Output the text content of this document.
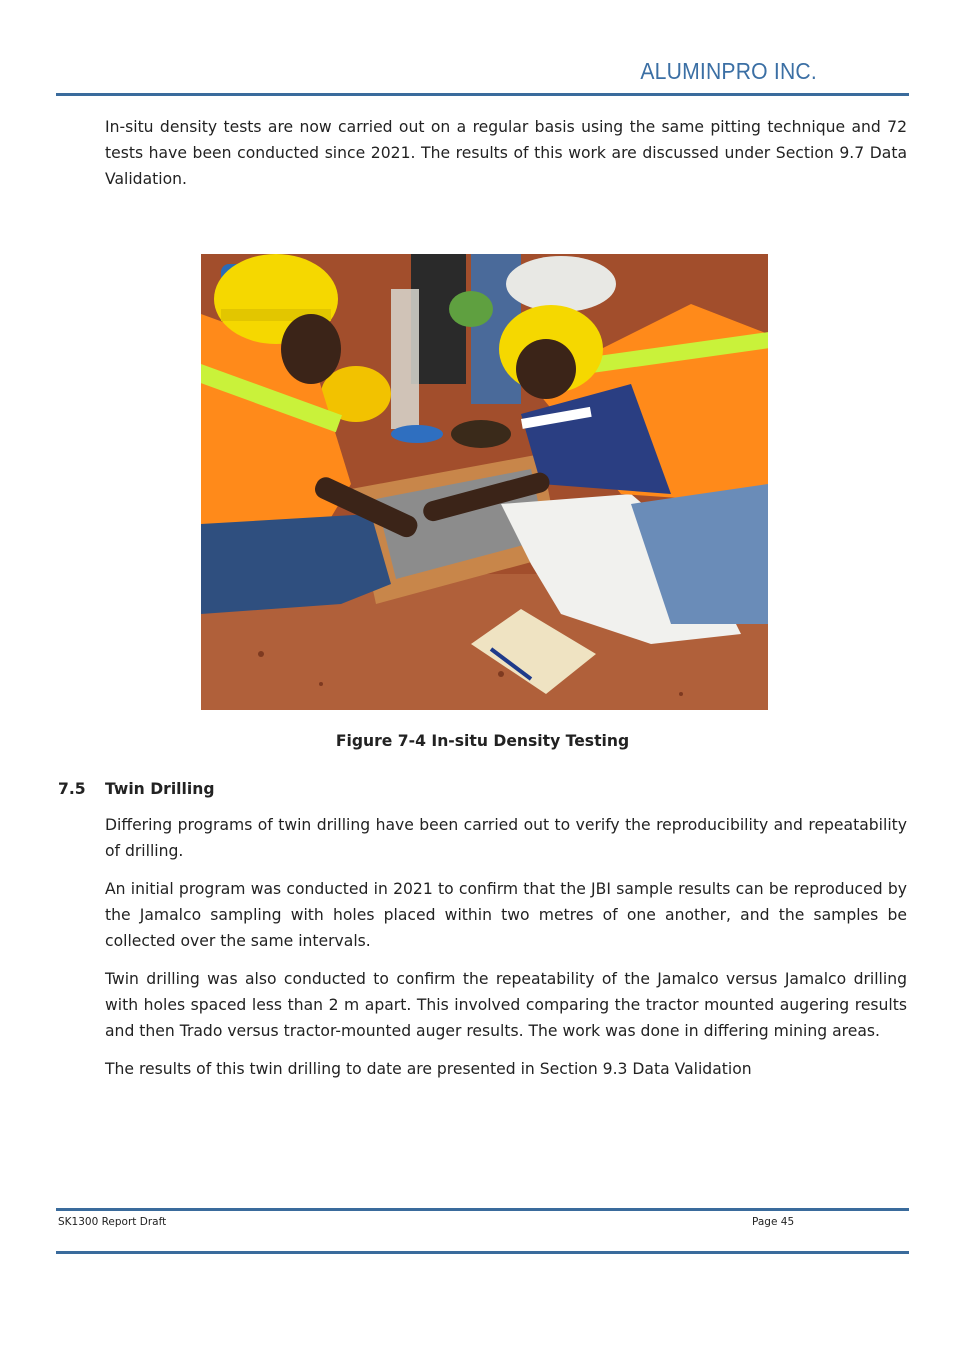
ALUMINPRO INC.
In-situ density tests are now carried out on a regular basis using the same pitting technique and 72 tests have been conducted since 2021. The results of this work are discussed under Section 9.7 Data Validation.
Figure 7-4 In-situ Density Testing
7.5 Twin Drilling
Differing programs of twin drilling have been carried out to verify the reproducibility and repeatability of drilling.
An initial program was conducted in 2021 to confirm that the JBI sample results can be reproduced by the Jamalco sampling with holes placed within two metres of one another, and the samples be collected over the same intervals.
Twin drilling was also conducted to confirm the repeatability of the Jamalco versus Jamalco drilling with holes spaced less than 2 m apart. This involved comparing the tractor mounted augering results and then Trado versus tractor-mounted auger results. The work was done in differing mining areas.
The results of this twin drilling to date are presented in Section 9.3 Data Validation
SK1300 Report Draft	Page 45
